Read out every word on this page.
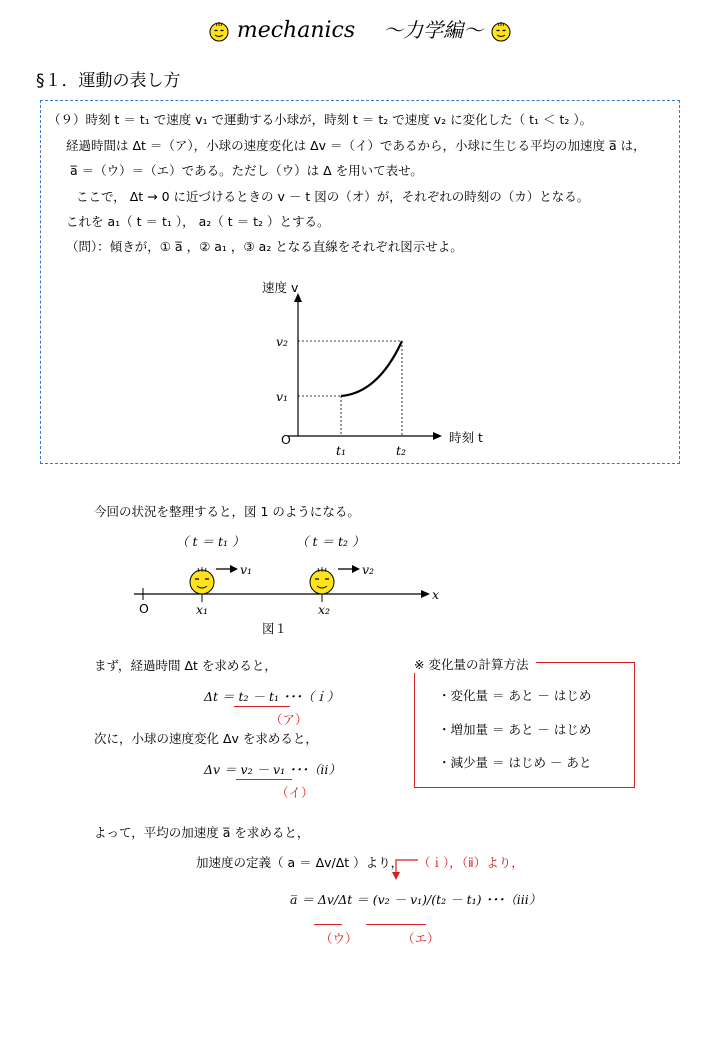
mechanics ～力学編～
§１．運動の表し方
（９）時刻 t ＝ t₁ で速度 v₁ で運動する小球が，時刻 t ＝ t₂ で速度 v₂ に変化した（ t₁ ＜ t₂ ）。
経過時間は Δt ＝（ア），小球の速度変化は Δv ＝（イ）であるから，小球に生じる平均の加速度 a̅ は，
a̅ ＝（ウ）＝（エ）である。ただし（ウ）は Δ を用いて表せ。
ここで， Δt → 0 に近づけるときの v － t 図の（オ）が，それぞれの時刻の（カ）となる。
これを a₁（ t ＝ t₁ ）， a₂（ t ＝ t₂ ）とする。
（問）：傾きが，① a̅ ，② a₁ ，③ a₂ となる直線をそれぞれ図示せよ。
速度 v
時刻 t
O
v₂
v₁
t₁	t₂
今回の状況を整理すると，図 1 のようになる。
（ t ＝ t₁ ）	（ t ＝ t₂ ）
v₁	v₂
x₁	x₂
x
O
図１
まず，経過時間 Δt を求めると，
Δt ＝ t₂ － t₁ ･･･（ｉ）
（ア）
次に，小球の速度変化 Δv を求めると，
Δv ＝ v₂ － v₁ ･･･（ⅱ）
（イ）
※ 変化量の計算方法
・変化量 ＝ あと － はじめ
・増加量 ＝ あと － はじめ
・減少量 ＝ はじめ － あと
よって，平均の加速度 a̅ を求めると，
加速度の定義（ a ＝ Δv/Δt ）より， （ｉ），（ⅱ）より，
a̅ ＝ Δv/Δt ＝ (v₂ － v₁)/(t₂ － t₁) ･･･（ⅲ）
（ウ）	（エ）
